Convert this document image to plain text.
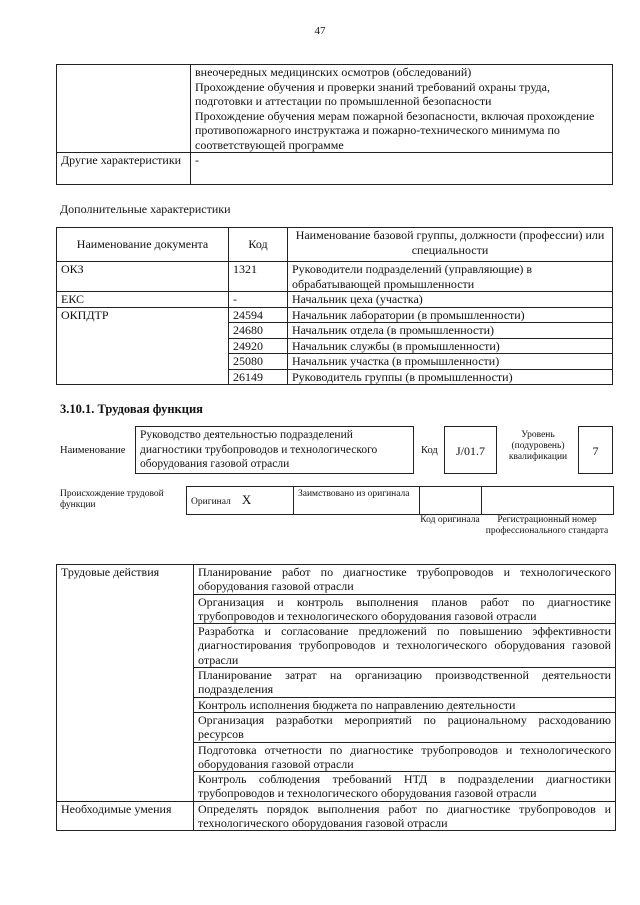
47

	внеочередных медицинских осмотров (обследований)
Прохождение обучения и проверки знаний требований охраны труда, подготовки и аттестации по промышленной безопасности
Прохождение обучения мерам пожарной безопасности, включая прохождение противопожарного инструктажа и пожарно-технического минимума по соответствующей программе

Другие характеристики	-
Дополнительные характеристики
Наименование документа	Код	Наименование базовой группы, должности (профессии) или специальности
ОКЗ	1321	Руководители подразделений (управляющие) в обрабатывающей промышленности
ЕКС	-	Начальник цеха (участка)
ОКПДТР	24594	Начальник лаборатории (в промышленности)
	24680	Начальник отдела (в промышленности)
	24920	Начальник службы (в промышленности)
	25080	Начальник участка (в промышленности)
	26149	Руководитель группы (в промышленности)
3.10.1. Трудовая функция
Наименование
Руководство деятельностью подразделений диагностики трубопроводов и технологического оборудования газовой отрасли
Код	J/01.7
Уровень (подуровень) квалификации	7
Происхождение трудовой функции	Оригинал X	Заимствовано из оригинала		
Код оригинала	Регистрационный номер профессионального стандарта
Трудовые действия	Планирование работ по диагностике трубопроводов и технологического оборудования газовой отрасли
	Организация и контроль выполнения планов работ по диагностике трубопроводов и технологического оборудования газовой отрасли
	Разработка и согласование предложений по повышению эффективности диагностирования трубопроводов и технологического оборудования газовой отрасли
	Планирование затрат на организацию производственной деятельности подразделения
	Контроль исполнения бюджета по направлению деятельности
	Организация разработки мероприятий по рациональному расходованию ресурсов
	Подготовка отчетности по диагностике трубопроводов и технологического оборудования газовой отрасли
	Контроль соблюдения требований НТД в подразделении диагностики трубопроводов и технологического оборудования газовой отрасли
Необходимые умения	Определять порядок выполнения работ по диагностике трубопроводов и технологического оборудования газовой отрасли
